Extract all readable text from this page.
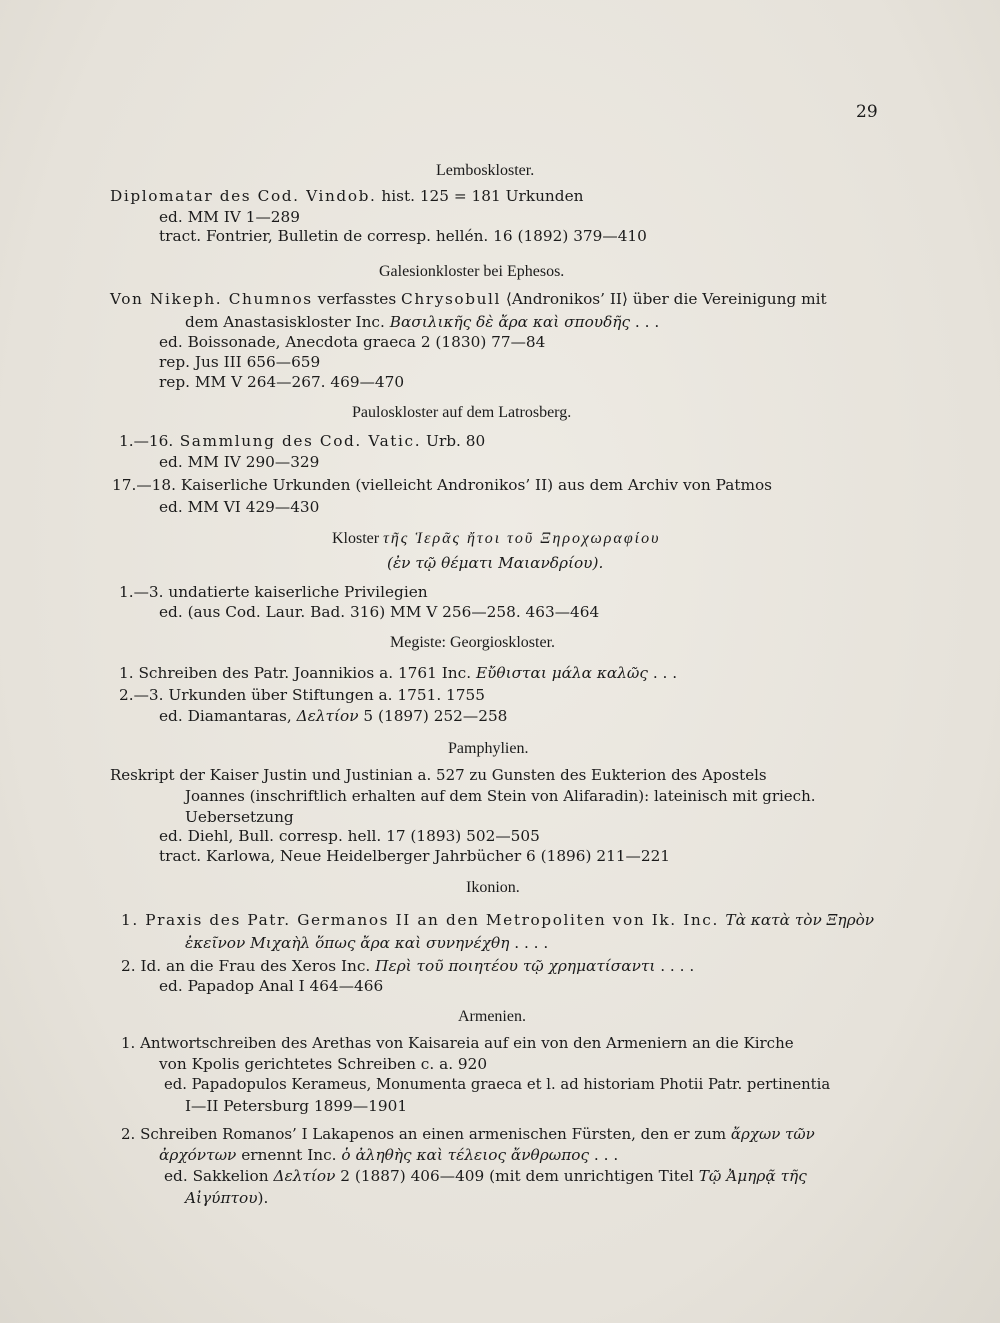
29
Lemboskloster.
Diplomatar des Cod. Vindob. hist. 125 = 181 Urkunden
ed. MM IV 1—289
tract. Fontrier, Bulletin de corresp. hellén. 16 (1892) 379—410
Galesionkloster bei Ephesos.
Von Nikeph. Chumnos verfasstes Chrysobull ⟨Andronikos’ II⟩ über die Vereinigung mit
dem Anastasiskloster Inc. Βασιλικῆς δὲ ἄρα καὶ σπουδῆς . . .
ed. Boissonade, Anecdota graeca 2 (1830) 77—84
rep. Jus III 656—659
rep. MM V 264—267. 469—470
Pauloskloster auf dem Latrosberg.
1.—16. Sammlung des Cod. Vatic. Urb. 80
ed. MM IV 290—329
17.—18. Kaiserliche Urkunden (vielleicht Andronikos’ II) aus dem Archiv von Patmos
ed. MM VI 429—430
Kloster τῆς Ἱερᾶς ἤτοι τοῦ Ξηροχωραφίου
(ἐν τῷ θέματι Μαιανδρίου).
1.—3. undatierte kaiserliche Privilegien
ed. (aus Cod. Laur. Bad. 316) MM V 256—258. 463—464
Megiste: Georgioskloster.
1. Schreiben des Patr. Joannikios a. 1761 Inc. Εὔθισται μάλα καλῶς . . .
2.—3. Urkunden über Stiftungen a. 1751. 1755
ed. Diamantaras, Δελτίον 5 (1897) 252—258
Pamphylien.
Reskript der Kaiser Justin und Justinian a. 527 zu Gunsten des Eukterion des Apostels
Joannes (inschriftlich erhalten auf dem Stein von Alifaradin): lateinisch mit griech.
Uebersetzung
ed. Diehl, Bull. corresp. hell. 17 (1893) 502—505
tract. Karlowa, Neue Heidelberger Jahrbücher 6 (1896) 211—221
Ikonion.
1. Praxis des Patr. Germanos II an den Metropoliten von Ik. Inc. Τὰ κατὰ τὸν Ξηρὸν
ἐκεῖνον Μιχαὴλ ὅπως ἄρα καὶ συνηνέχθη . . . .
2. Id. an die Frau des Xeros Inc. Περὶ τοῦ ποιητέου τῷ χρηματίσαντι . . . .
ed. Papadop Anal I 464—466
Armenien.
1. Antwortschreiben des Arethas von Kaisareia auf ein von den Armeniern an die Kirche
von Kpolis gerichtetes Schreiben c. a. 920
ed. Papadopulos Kerameus, Monumenta graeca et l. ad historiam Photii Patr. pertinentia
I—II Petersburg 1899—1901
2. Schreiben Romanos’ I Lakapenos an einen armenischen Fürsten, den er zum ἄρχων τῶν
ἀρχόντων ernennt Inc. ὁ ἀληθὴς καὶ τέλειος ἄνθρωπος . . .
ed. Sakkelion Δελτίον 2 (1887) 406—409 (mit dem unrichtigen Titel Τῷ Ἀμηρᾷ τῆς
Αἰγύπτου).
